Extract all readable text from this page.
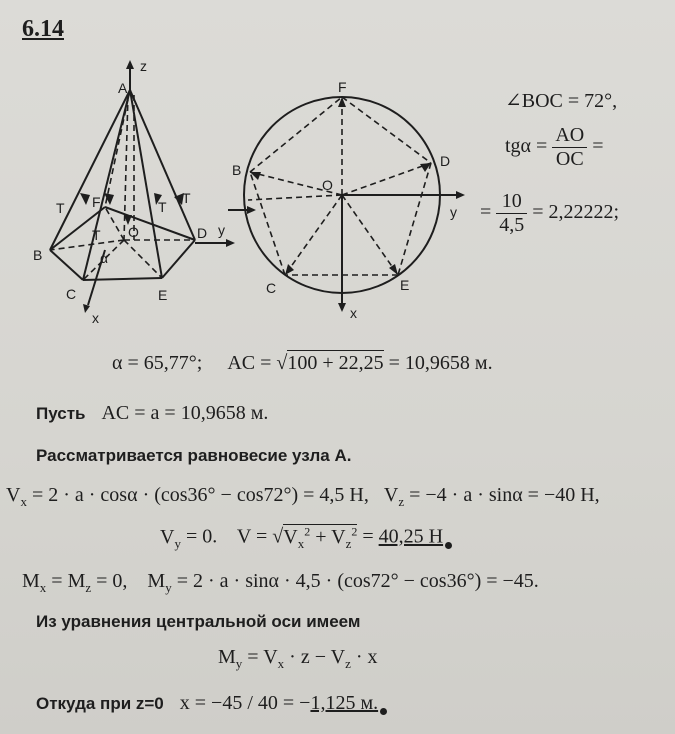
6.14
A
z
T F	T
T
T O
α
B
D y
C	E
x
F
B
D
O
y
C	E
x
∠BOC = 72°,
$tg\alpha = \frac{AO}{OC}$ =
= $\frac{10}{4,5} = 2,22222$;
α = 65,77°; AC = √100 + 22,25 = 10,9658 м.
Пусть AC = a = 10,9658 м.
Рассматривается равновесие узла A.
$V_x = 2 \cdot a \cdot \cos\alpha \cdot (\cos 36^\circ - \cos 72^\circ) = 4,5$ Н, $V_z = -4 \cdot a \cdot \sin\alpha = -40$ Н,
$V_y = 0$. $V = √V_x^2 + V_z^2 = 40,25$ Н
$M_x = M_z = 0$, $M_y = 2 \cdot a \cdot \sin\alpha \cdot 4,5 \cdot (\cos 72^\circ - \cos 36^\circ) = -45$.
Из уравнения центральной оси имеем
$M_y = V_x \cdot z - V_z \cdot x$
Откуда при z=0 x = −45 / 40 = −1,125 м.
